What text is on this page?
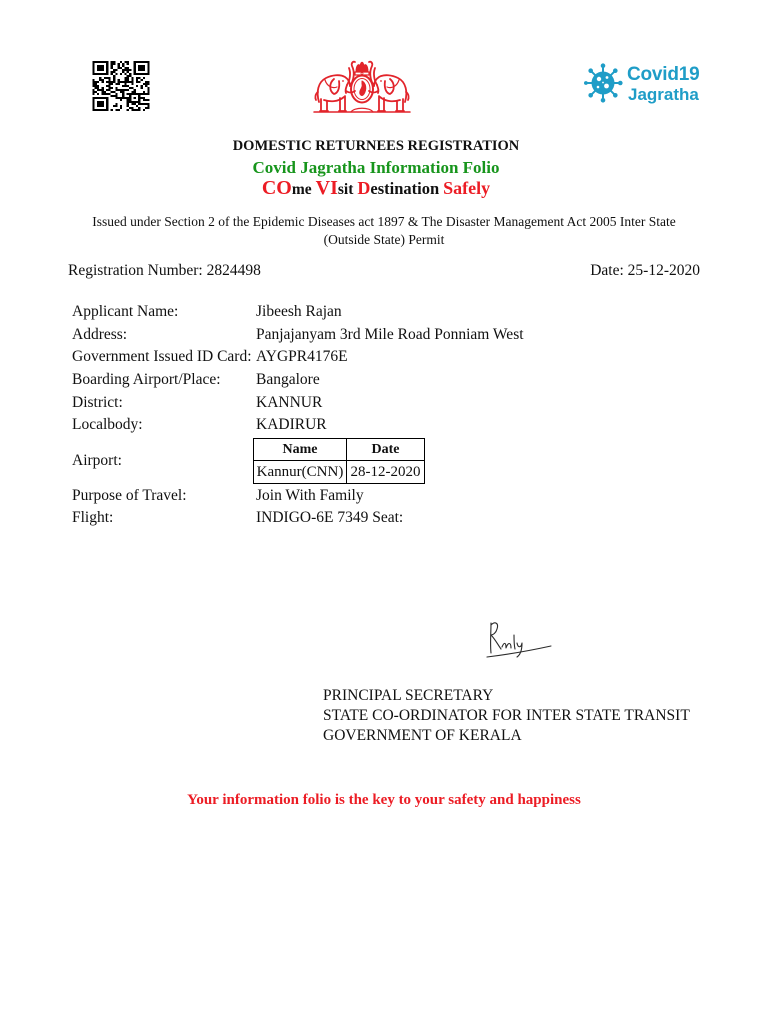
Covid19
Jagratha
DOMESTIC RETURNEES REGISTRATION
Covid Jagratha Information Folio
COme VIsit Destination Safely
Issued under Section 2 of the Epidemic Diseases act 1897 & The Disaster Management Act 2005 Inter State
(Outside State) Permit
Registration Number: 2824498	Date: 25-12-2020
Applicant Name:	Jibeesh Rajan
Address:	Panjajanyam 3rd Mile Road Ponniam West
Government Issued ID Card: AYGPR4176E
Boarding Airport/Place: Bangalore
District:	KANNUR
Localbody:	KADIRUR
Airport:
Name	Date
Kannur(CNN)	28-12-2020
Purpose of Travel:	Join With Family
Flight:	INDIGO-6E 7349 Seat:
PRINCIPAL SECRETARY
STATE CO-ORDINATOR FOR INTER STATE TRANSIT
GOVERNMENT OF KERALA
Your information folio is the key to your safety and happiness
